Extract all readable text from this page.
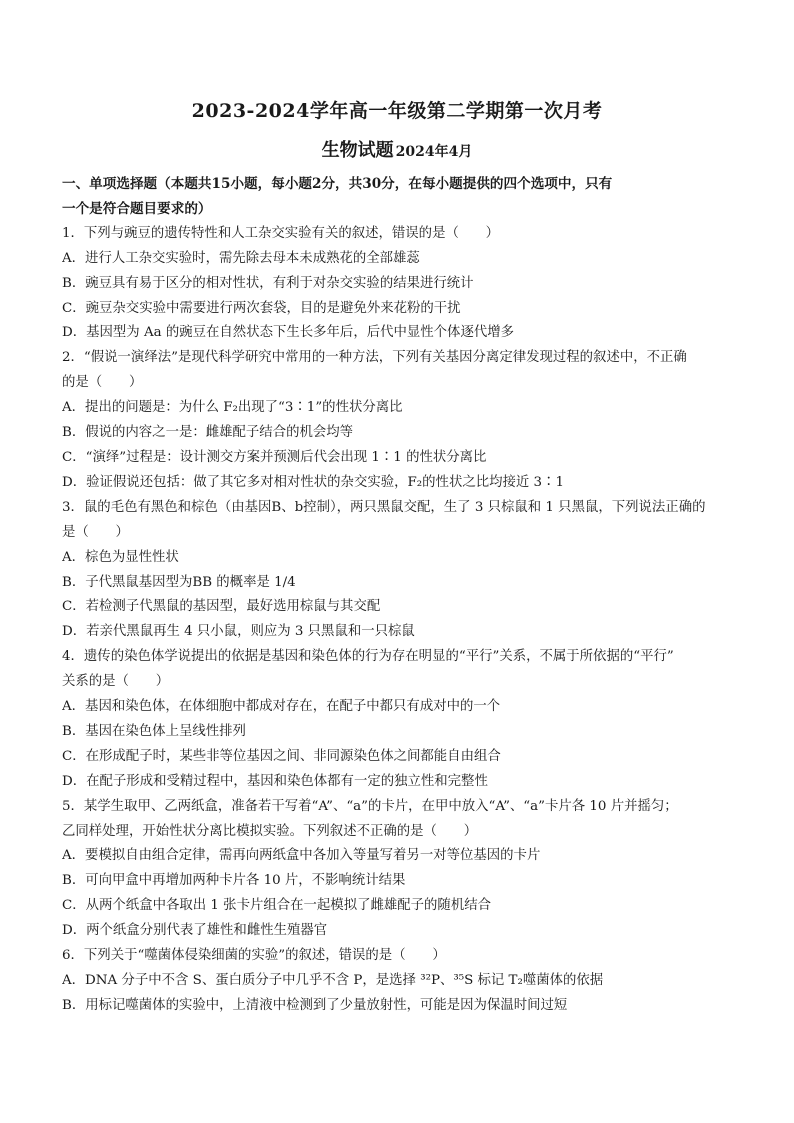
2023-2024学年高一年级第二学期第一次月考
生物试题 2024年4月
一、单项选择题（本题共15小题，每小题2分，共30分，在每小题提供的四个选项中，只有
一个是符合题目要求的）
1．下列与豌豆的遗传特性和人工杂交实验有关的叙述，错误的是（　　）
A．进行人工杂交实验时，需先除去母本未成熟花的全部雄蕊
B．豌豆具有易于区分的相对性状，有利于对杂交实验的结果进行统计
C．豌豆杂交实验中需要进行两次套袋，目的是避免外来花粉的干扰
D．基因型为 Aa 的豌豆在自然状态下生长多年后，后代中显性个体逐代增多
2．“假说一演绎法”是现代科学研究中常用的一种方法，下列有关基因分离定律发现过程的叙述中，不正确
的是（　　）
A．提出的问题是：为什么 F₂出现了“3∶1”的性状分离比
B．假说的内容之一是：雌雄配子结合的机会均等
C．“演绎”过程是：设计测交方案并预测后代会出现 1∶1 的性状分离比
D．验证假说还包括：做了其它多对相对性状的杂交实验，F₂的性状之比均接近 3∶1
3．鼠的毛色有黑色和棕色（由基因B、b控制），两只黑鼠交配，生了 3 只棕鼠和 1 只黑鼠，下列说法正确的
是（　　）
A．棕色为显性性状
B．子代黑鼠基因型为BB 的概率是 1/4
C．若检测子代黑鼠的基因型，最好选用棕鼠与其交配
D．若亲代黑鼠再生 4 只小鼠，则应为 3 只黑鼠和一只棕鼠
4．遗传的染色体学说提出的依据是基因和染色体的行为存在明显的“平行”关系，不属于所依据的“平行”
关系的是（　　）
A．基因和染色体，在体细胞中都成对存在，在配子中都只有成对中的一个
B．基因在染色体上呈线性排列
C．在形成配子时，某些非等位基因之间、非同源染色体之间都能自由组合
D．在配子形成和受精过程中，基因和染色体都有一定的独立性和完整性
5．某学生取甲、乙两纸盒，准备若干写着“A”、“a”的卡片，在甲中放入“A”、“a”卡片各 10 片并摇匀；
乙同样处理，开始性状分离比模拟实验。下列叙述不正确的是（　　）
A．要模拟自由组合定律，需再向两纸盒中各加入等量写着另一对等位基因的卡片
B．可向甲盒中再增加两种卡片各 10 片，不影响统计结果
C．从两个纸盒中各取出 1 张卡片组合在一起模拟了雌雄配子的随机结合
D．两个纸盒分别代表了雄性和雌性生殖器官
6．下列关于“噬菌体侵染细菌的实验”的叙述，错误的是（　　）
A．DNA 分子中不含 S、蛋白质分子中几乎不含 P，是选择 ³²P、³⁵S 标记 T₂噬菌体的依据
B．用标记噬菌体的实验中，上清液中检测到了少量放射性，可能是因为保温时间过短
